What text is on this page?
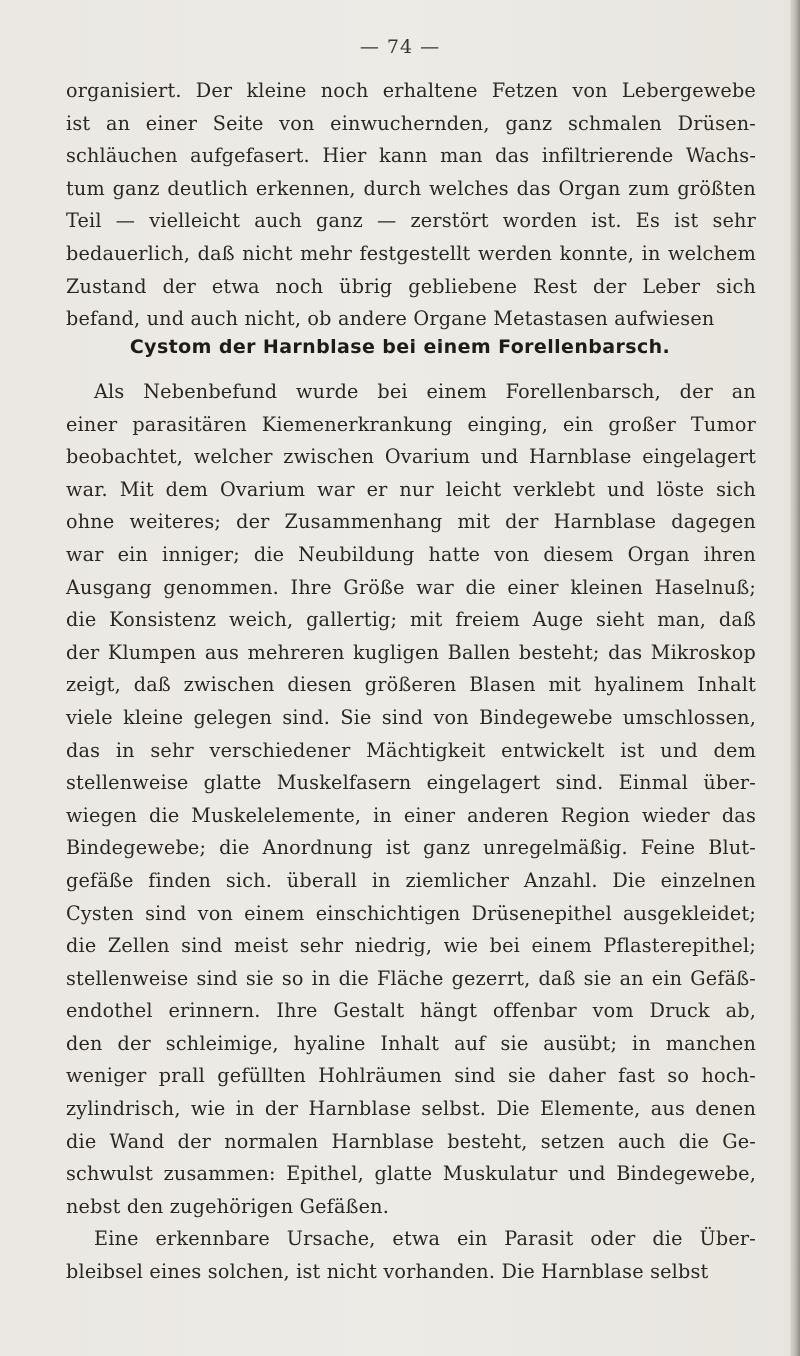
— 74 —
organisiert. Der kleine noch erhaltene Fetzen von Lebergewebe
ist an einer Seite von einwuchernden, ganz schmalen Drüsen-
schläuchen aufgefasert. Hier kann man das infiltrierende Wachs-
tum ganz deutlich erkennen, durch welches das Organ zum größten
Teil — vielleicht auch ganz — zerstört worden ist. Es ist sehr
bedauerlich, daß nicht mehr festgestellt werden konnte, in welchem
Zustand der etwa noch übrig gebliebene Rest der Leber sich
befand, und auch nicht, ob andere Organe Metastasen aufwiesen
Cystom der Harnblase bei einem Forellenbarsch.
Als Nebenbefund wurde bei einem Forellenbarsch, der an
einer parasitären Kiemenerkrankung einging, ein großer Tumor
beobachtet, welcher zwischen Ovarium und Harnblase eingelagert
war. Mit dem Ovarium war er nur leicht verklebt und löste sich
ohne weiteres; der Zusammenhang mit der Harnblase dagegen
war ein inniger; die Neubildung hatte von diesem Organ ihren
Ausgang genommen. Ihre Größe war die einer kleinen Haselnuß;
die Konsistenz weich, gallertig; mit freiem Auge sieht man, daß
der Klumpen aus mehreren kugligen Ballen besteht; das Mikroskop
zeigt, daß zwischen diesen größeren Blasen mit hyalinem Inhalt
viele kleine gelegen sind. Sie sind von Bindegewebe umschlossen,
das in sehr verschiedener Mächtigkeit entwickelt ist und dem
stellenweise glatte Muskelfasern eingelagert sind. Einmal über-
wiegen die Muskelelemente, in einer anderen Region wieder das
Bindegewebe; die Anordnung ist ganz unregelmäßig. Feine Blut-
gefäße finden sich. überall in ziemlicher Anzahl. Die einzelnen
Cysten sind von einem einschichtigen Drüsenepithel ausgekleidet;
die Zellen sind meist sehr niedrig, wie bei einem Pflasterepithel;
stellenweise sind sie so in die Fläche gezerrt, daß sie an ein Gefäß-
endothel erinnern. Ihre Gestalt hängt offenbar vom Druck ab,
den der schleimige, hyaline Inhalt auf sie ausübt; in manchen
weniger prall gefüllten Hohlräumen sind sie daher fast so hoch-
zylindrisch, wie in der Harnblase selbst. Die Elemente, aus denen
die Wand der normalen Harnblase besteht, setzen auch die Ge-
schwulst zusammen: Epithel, glatte Muskulatur und Bindegewebe,
nebst den zugehörigen Gefäßen.
Eine erkennbare Ursache, etwa ein Parasit oder die Über-
bleibsel eines solchen, ist nicht vorhanden. Die Harnblase selbst
